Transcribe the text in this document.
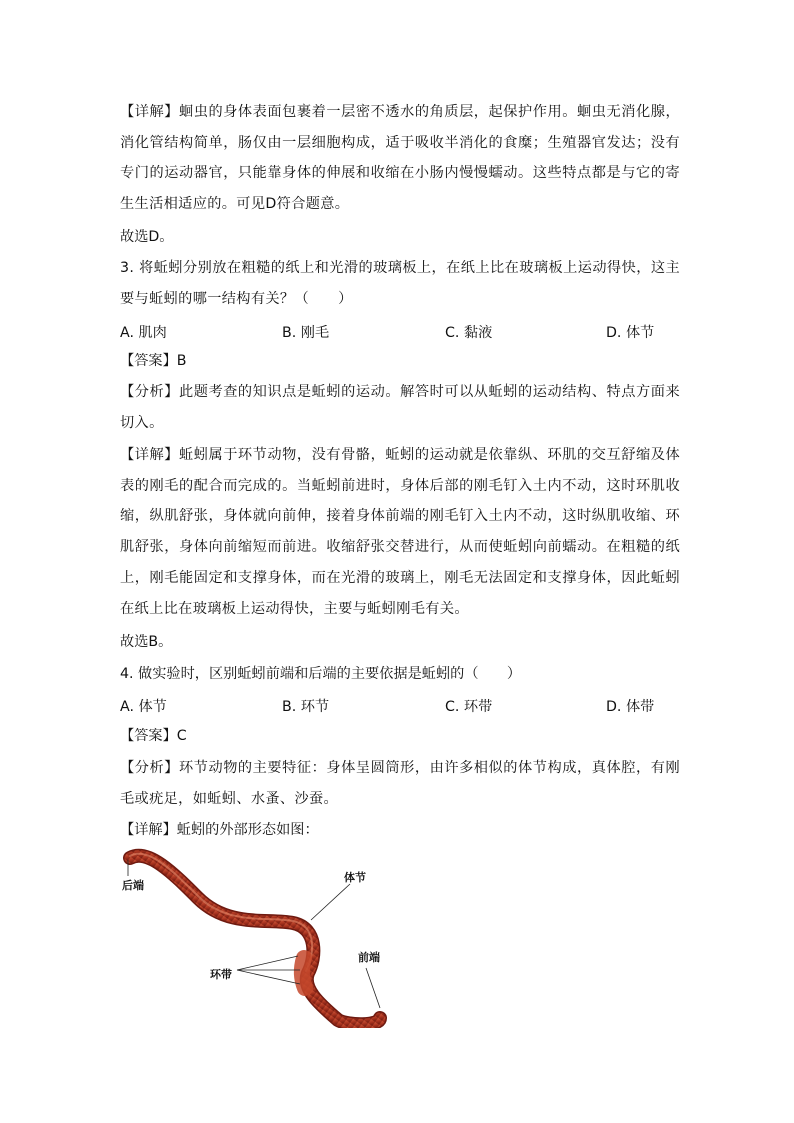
【详解】蛔虫的身体表面包裹着一层密不透水的角质层，起保护作用。蛔虫无消化腺，消化管结构简单，肠仅由一层细胞构成，适于吸收半消化的食糜；生殖器官发达；没有专门的运动器官，只能靠身体的伸展和收缩在小肠内慢慢蠕动。这些特点都是与它的寄生生活相适应的。可见D符合题意。
故选D。
3. 将蚯蚓分别放在粗糙的纸上和光滑的玻璃板上，在纸上比在玻璃板上运动得快，这主要与蚯蚓的哪一结构有关？（　　）
A. 肌肉	B. 刚毛	C. 黏液	D. 体节
【答案】B
【分析】此题考查的知识点是蚯蚓的运动。解答时可以从蚯蚓的运动结构、特点方面来切入。
【详解】蚯蚓属于环节动物，没有骨骼，蚯蚓的运动就是依靠纵、环肌的交互舒缩及体表的刚毛的配合而完成的。当蚯蚓前进时，身体后部的刚毛钉入土内不动，这时环肌收缩，纵肌舒张，身体就向前伸，接着身体前端的刚毛钉入土内不动，这时纵肌收缩、环肌舒张，身体向前缩短而前进。收缩舒张交替进行，从而使蚯蚓向前蠕动。在粗糙的纸上，刚毛能固定和支撑身体，而在光滑的玻璃上，刚毛无法固定和支撑身体，因此蚯蚓在纸上比在玻璃板上运动得快，主要与蚯蚓刚毛有关。
故选B。
4. 做实验时，区别蚯蚓前端和后端的主要依据是蚯蚓的（　　）
A. 体节	B. 环节	C. 环带	D. 体带
【答案】C
【分析】环节动物的主要特征：身体呈圆筒形，由许多相似的体节构成，真体腔，有刚毛或疣足，如蚯蚓、水蚤、沙蚕。
【详解】蚯蚓的外部形态如图：
后端
体节
环带
前端
